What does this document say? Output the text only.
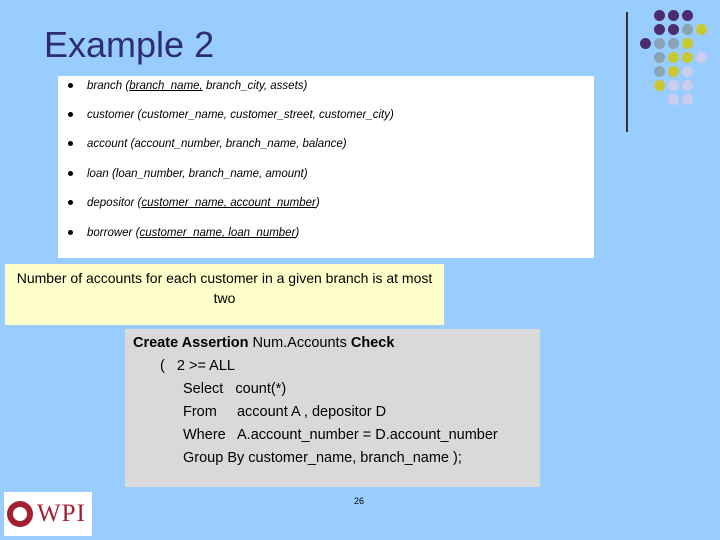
Example 2
branch (branch_name, branch_city, assets)
customer (customer_name, customer_street, customer_city)
account (account_number, branch_name, balance)
loan (loan_number, branch_name, amount)
depositor (customer_name, account_number)
borrower (customer_name, loan_number)
Number of accounts for each customer in a given branch is at most two
Create Assertion Num.Accounts Check
(   2 >= ALL
Select   count(*)
From     account A , depositor D
Where   A.account_number = D.account_number
Group By customer_name, branch_name );
26
WPI
